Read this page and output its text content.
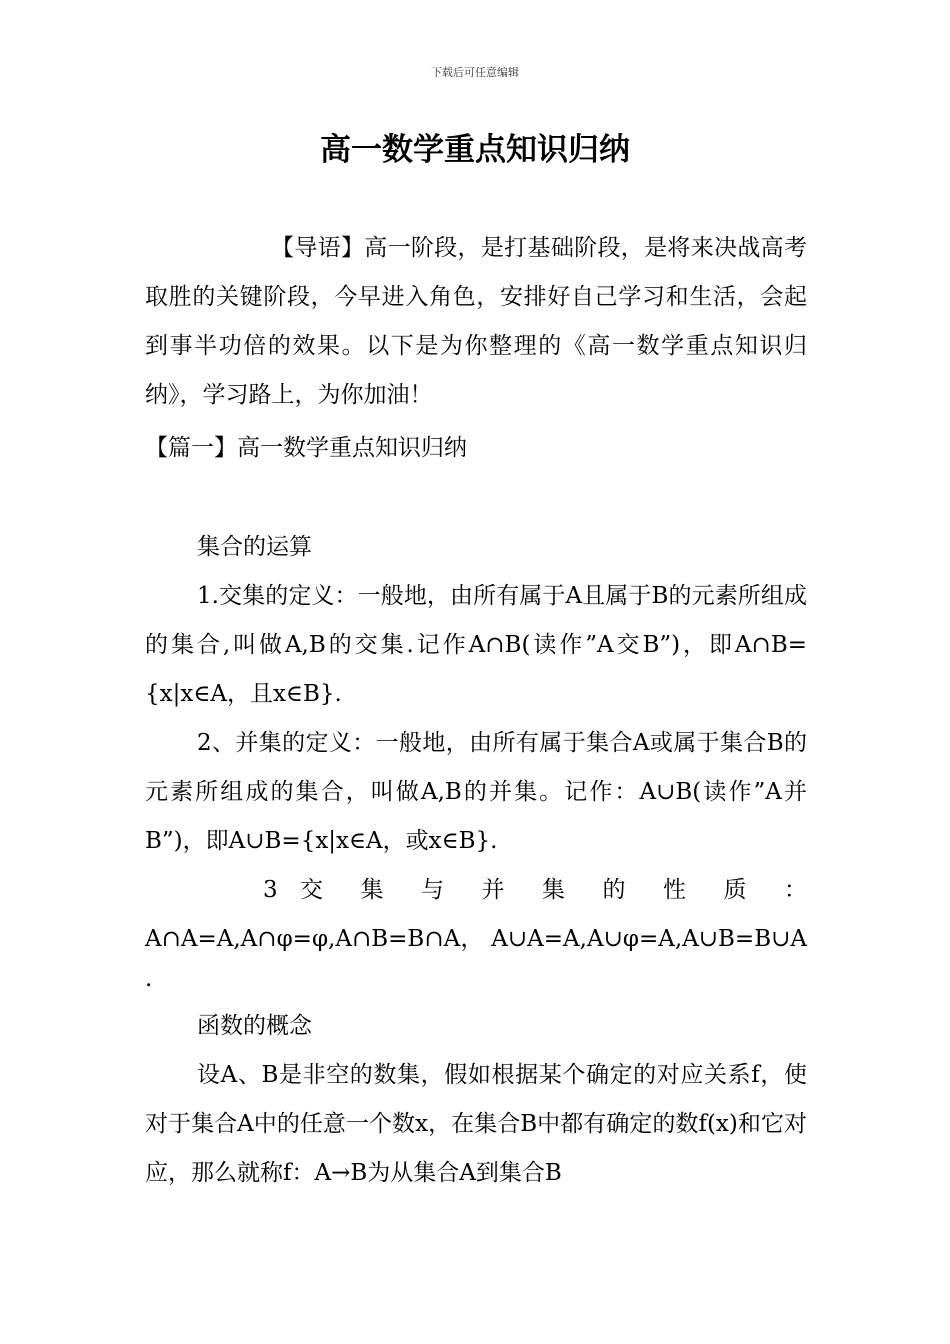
下载后可任意编辑
高一数学重点知识归纳

【导语】高一阶段，是打基础阶段，是将来决战高考取胜的关键阶段，今早进入角色，安排好自己学习和生活，会起到事半功倍的效果。以下是为你整理的《高一数学重点知识归纳》，学习路上，为你加油！

【篇一】高一数学重点知识归纳

集合的运算

1.交集的定义：一般地，由所有属于A且属于B的元素所组成的集合,叫做A,B的交集.记作A∩B(读作”A交B”)，即A∩B={x|x∈A，且x∈B}.

2、并集的定义：一般地，由所有属于集合A或属于集合B的元素所组成的集合，叫做A,B的并集。记作：A∪B(读作”A并B”)，即A∪B={x|x∈A，或x∈B}.

3 交 集 与 并 集 的 性 质 ：

A∩A=A,A∩φ=φ,A∩B=B∩A， A∪A=A,A∪φ=A,A∪B=B∪A

.

函数的概念

设A、B是非空的数集，假如根据某个确定的对应关系f，使对于集合A中的任意一个数x，在集合B中都有确定的数f(x)和它对应，那么就称f：A→B为从集合A到集合B
